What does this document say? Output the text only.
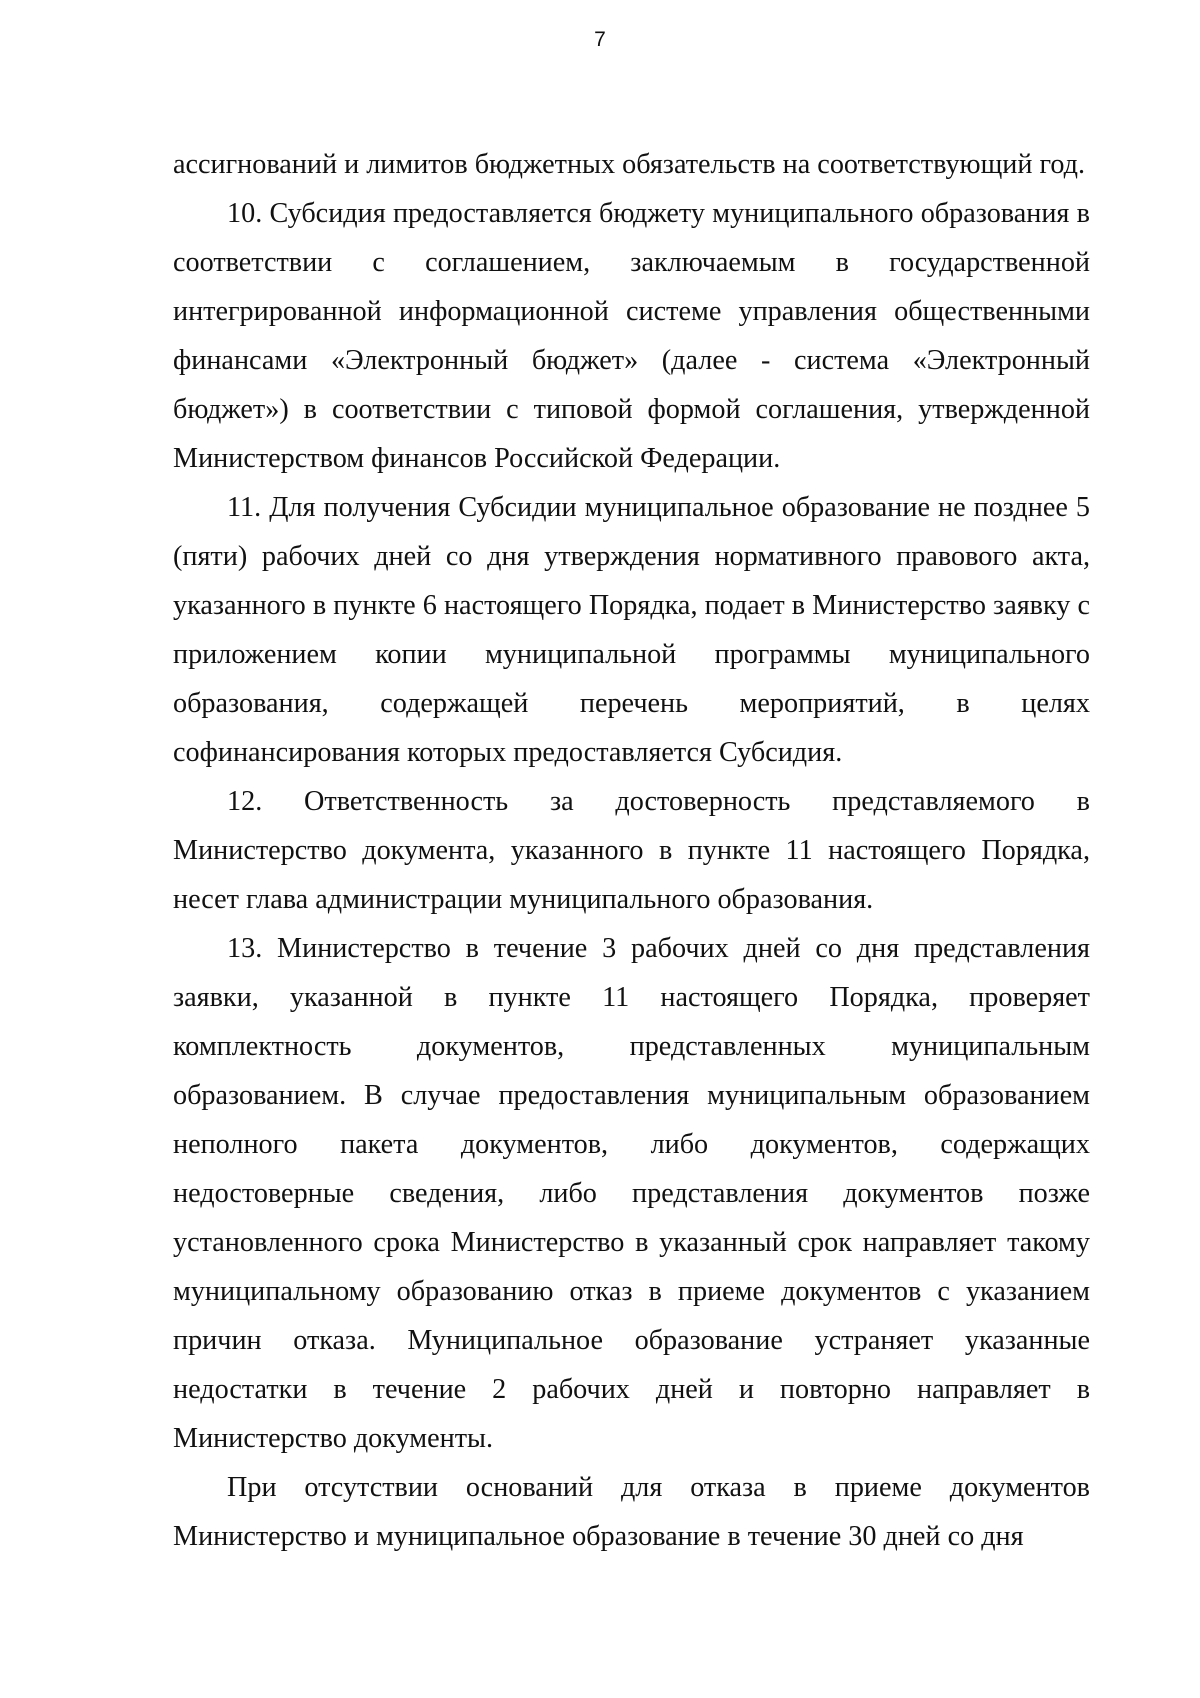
7

ассигнований и лимитов бюджетных обязательств на соответствующий год.

10. Субсидия предоставляется бюджету муниципального образования в соответствии с соглашением, заключаемым в государственной интегрированной информационной системе управления общественными финансами «Электронный бюджет» (далее - система «Электронный бюджет») в соответствии с типовой формой соглашения, утвержденной Министерством финансов Российской Федерации.

11. Для получения Субсидии муниципальное образование не позднее 5 (пяти) рабочих дней со дня утверждения нормативного правового акта, указанного в пункте 6 настоящего Порядка, подает в Министерство заявку с приложением копии муниципальной программы муниципального образования, содержащей перечень мероприятий, в целях софинансирования которых предоставляется Субсидия.

12. Ответственность за достоверность представляемого в Министерство документа, указанного в пункте 11 настоящего Порядка, несет глава администрации муниципального образования.

13. Министерство в течение 3 рабочих дней со дня представления заявки, указанной в пункте 11 настоящего Порядка, проверяет комплектность документов, представленных муниципальным образованием. В случае предоставления муниципальным образованием неполного пакета документов, либо документов, содержащих недостоверные сведения, либо представления документов позже установленного срока Министерство в указанный срок направляет такому муниципальному образованию отказ в приеме документов с указанием причин отказа. Муниципальное образование устраняет указанные недостатки в течение 2 рабочих дней и повторно направляет в Министерство документы.

При отсутствии оснований для отказа в приеме документов Министерство и муниципальное образование в течение 30 дней со дня
